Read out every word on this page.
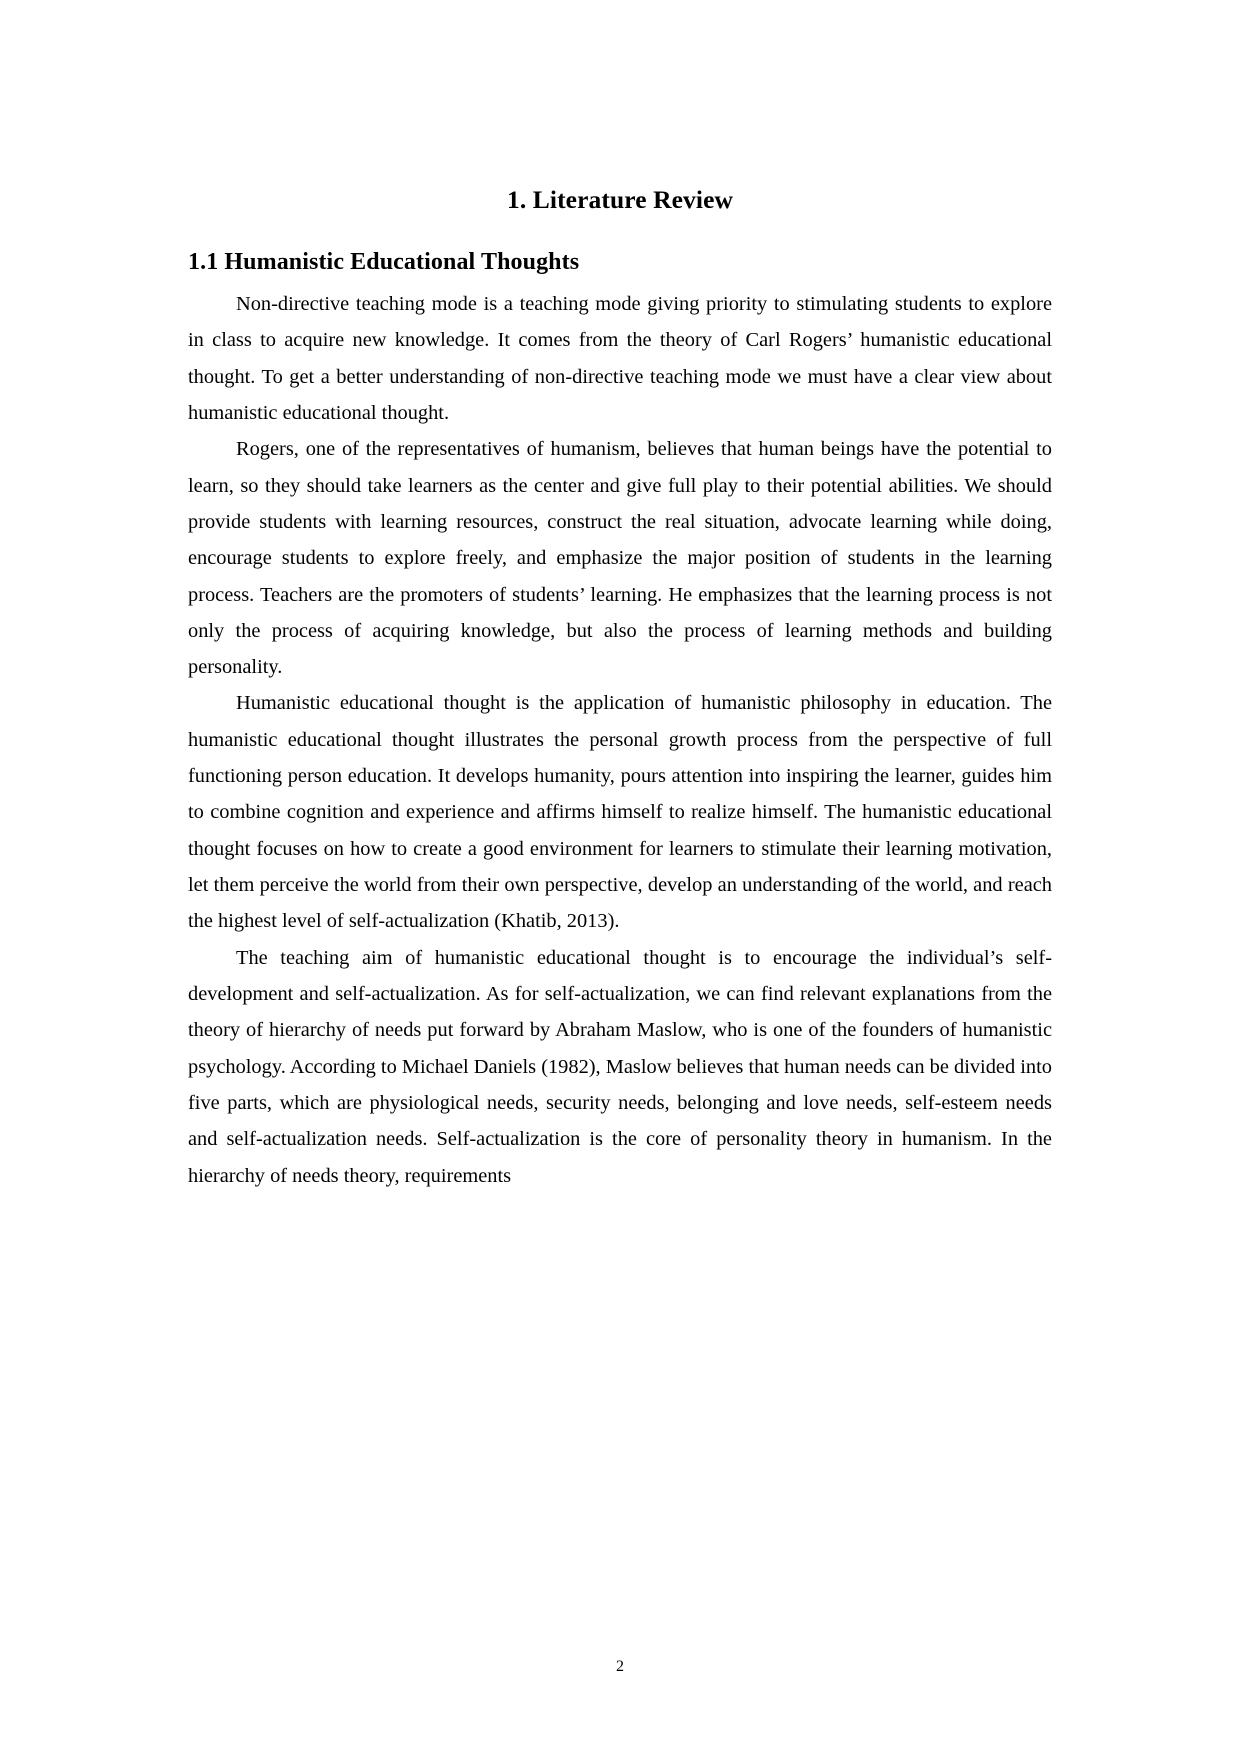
1. Literature Review
1.1 Humanistic Educational Thoughts

Non-directive teaching mode is a teaching mode giving priority to stimulating students to explore in class to acquire new knowledge. It comes from the theory of Carl Rogers’ humanistic educational thought. To get a better understanding of non-directive teaching mode we must have a clear view about humanistic educational thought.

Rogers, one of the representatives of humanism, believes that human beings have the potential to learn, so they should take learners as the center and give full play to their potential abilities. We should provide students with learning resources, construct the real situation, advocate learning while doing, encourage students to explore freely, and emphasize the major position of students in the learning process. Teachers are the promoters of students’ learning. He emphasizes that the learning process is not only the process of acquiring knowledge, but also the process of learning methods and building personality.

Humanistic educational thought is the application of humanistic philosophy in education. The humanistic educational thought illustrates the personal growth process from the perspective of full functioning person education. It develops humanity, pours attention into inspiring the learner, guides him to combine cognition and experience and affirms himself to realize himself. The humanistic educational thought focuses on how to create a good environment for learners to stimulate their learning motivation, let them perceive the world from their own perspective, develop an understanding of the world, and reach the highest level of self-actualization (Khatib, 2013).

The teaching aim of humanistic educational thought is to encourage the individual’s self-development and self-actualization. As for self-actualization, we can find relevant explanations from the theory of hierarchy of needs put forward by Abraham Maslow, who is one of the founders of humanistic psychology. According to Michael Daniels (1982), Maslow believes that human needs can be divided into five parts, which are physiological needs, security needs, belonging and love needs, self-esteem needs and self-actualization needs. Self-actualization is the core of personality theory in humanism. In the hierarchy of needs theory, requirements

2
